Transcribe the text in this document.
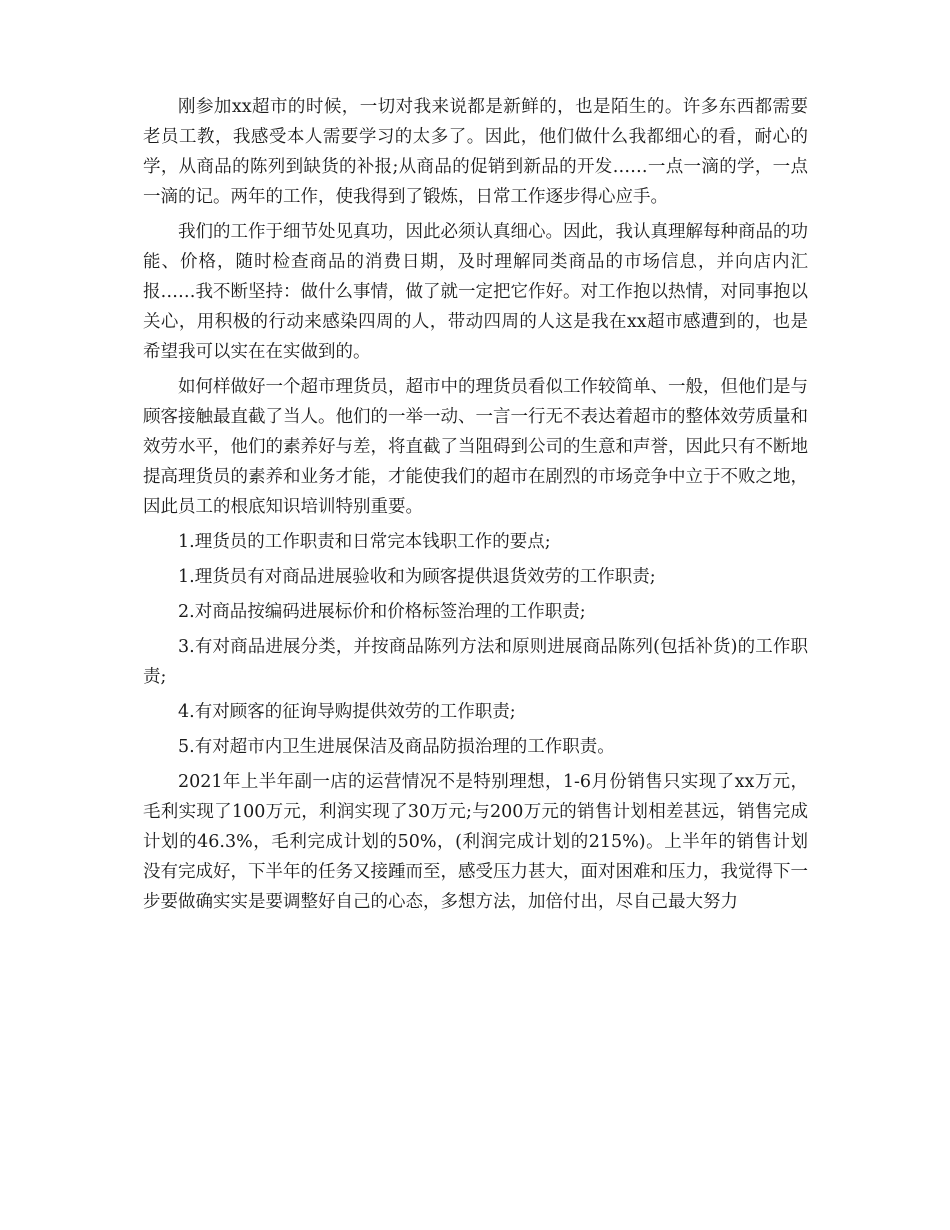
刚参加xx超市的时候，一切对我来说都是新鲜的，也是陌生的。许多东西都需要老员工教，我感受本人需要学习的太多了。因此，他们做什么我都细心的看，耐心的学，从商品的陈列到缺货的补报;从商品的促销到新品的开发……一点一滴的学，一点一滴的记。两年的工作，使我得到了锻炼，日常工作逐步得心应手。

我们的工作于细节处见真功，因此必须认真细心。因此，我认真理解每种商品的功能、价格，随时检查商品的消费日期，及时理解同类商品的市场信息，并向店内汇报……我不断坚持：做什么事情，做了就一定把它作好。对工作抱以热情，对同事抱以关心，用积极的行动来感染四周的人，带动四周的人这是我在xx超市感遭到的，也是希望我可以实在在实做到的。

如何样做好一个超市理货员，超市中的理货员看似工作较简单、一般，但他们是与顾客接触最直截了当人。他们的一举一动、一言一行无不表达着超市的整体效劳质量和效劳水平，他们的素养好与差，将直截了当阻碍到公司的生意和声誉，因此只有不断地提高理货员的素养和业务才能，才能使我们的超市在剧烈的市场竞争中立于不败之地，因此员工的根底知识培训特别重要。

1.理货员的工作职责和日常完本钱职工作的要点;

1.理货员有对商品进展验收和为顾客提供退货效劳的工作职责;

2.对商品按编码进展标价和价格标签治理的工作职责;

3.有对商品进展分类，并按商品陈列方法和原则进展商品陈列(包括补货)的工作职责;

4.有对顾客的征询导购提供效劳的工作职责;

5.有对超市内卫生进展保洁及商品防损治理的工作职责。

2021年上半年副一店的运营情况不是特别理想，1-6月份销售只实现了xx万元，毛利实现了100万元，利润实现了30万元;与200万元的销售计划相差甚远，销售完成计划的46.3%，毛利完成计划的50%，(利润完成计划的215%)。上半年的销售计划没有完成好，下半年的任务又接踵而至，感受压力甚大，面对困难和压力，我觉得下一步要做确实实是要调整好自己的心态，多想方法，加倍付出，尽自己最大努力
